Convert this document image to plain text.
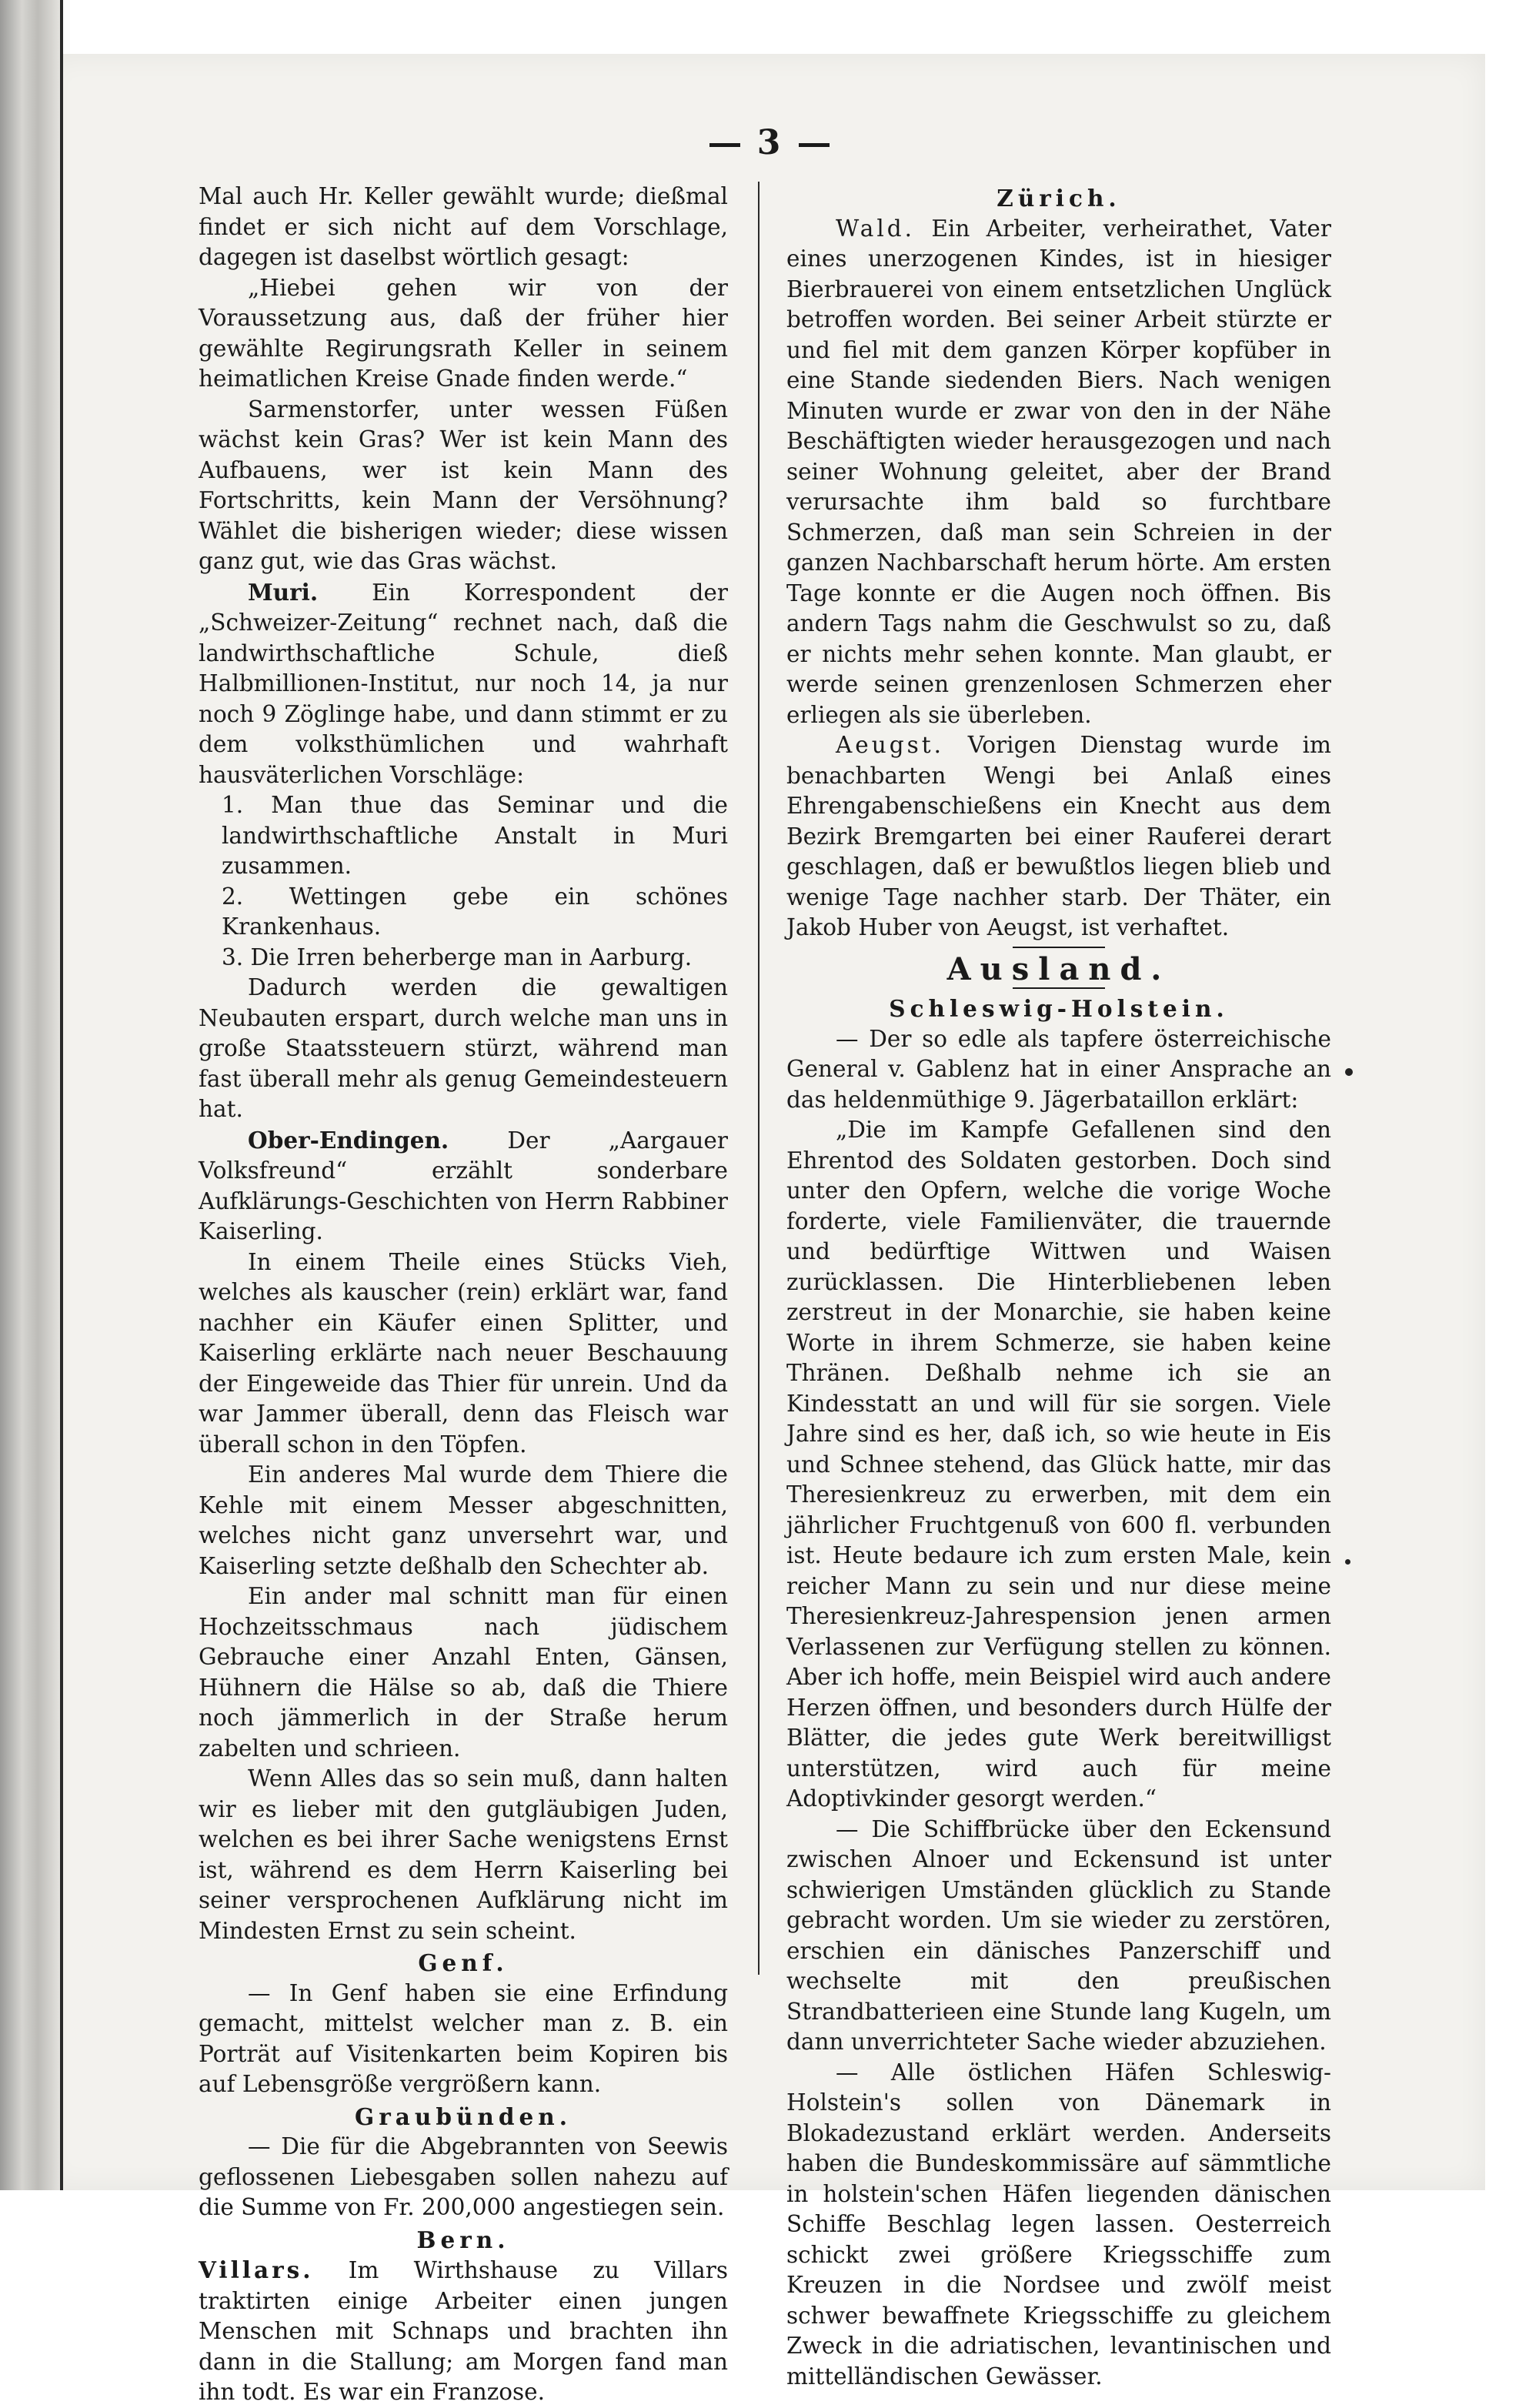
3

Mal auch Hr. Keller gewählt wurde; dießmal findet er sich nicht auf dem Vorschlage, dagegen ist daselbst wörtlich gesagt:

„Hiebei gehen wir von der Voraussetzung aus, daß der früher hier gewählte Regirungsrath Keller in seinem heimatlichen Kreise Gnade finden werde.“

Sarmenstorfer, unter wessen Füßen wächst kein Gras? Wer ist kein Mann des Aufbauens, wer ist kein Mann des Fortschritts, kein Mann der Versöhnung? Wählet die bisherigen wieder; diese wissen ganz gut, wie das Gras wächst.

Muri. Ein Korrespondent der „Schweizer-Zeitung“ rechnet nach, daß die landwirthschaftliche Schule, dieß Halbmillionen-Institut, nur noch 14, ja nur noch 9 Zöglinge habe, und dann stimmt er zu dem volksthümlichen und wahrhaft hausväterlichen Vorschläge:

1. Man thue das Seminar und die landwirthschaftliche Anstalt in Muri zusammen.

2. Wettingen gebe ein schönes Krankenhaus.

3. Die Irren beherberge man in Aarburg.

Dadurch werden die gewaltigen Neubauten erspart, durch welche man uns in große Staatssteuern stürzt, während man fast überall mehr als genug Gemeindesteuern hat.

Ober-Endingen.	Der „Aargauer Volksfreund“ erzählt sonderbare Aufklärungs-Geschichten von Herrn Rabbiner Kaiserling.

In einem Theile eines Stücks Vieh, welches als kauscher (rein) erklärt war, fand nachher ein Käufer einen Splitter, und Kaiserling erklärte nach neuer Beschauung der Eingeweide das Thier für unrein. Und da war Jammer überall, denn das Fleisch war überall schon in den Töpfen.

Ein anderes Mal wurde dem Thiere die Kehle mit einem Messer abgeschnitten, welches nicht ganz unversehrt war, und Kaiserling setzte deßhalb den Schechter ab.

Ein ander mal schnitt man für einen Hochzeitsschmaus nach jüdischem Gebrauche einer Anzahl Enten, Gänsen, Hühnern die Hälse so ab, daß die Thiere noch jämmerlich in der Straße herum zabelten und schrieen.

Wenn Alles das so sein muß, dann halten wir es lieber mit den gutgläubigen Juden, welchen es bei ihrer Sache wenigstens Ernst ist, während es dem Herrn Kaiserling bei seiner versprochenen Aufklärung nicht im Mindesten Ernst zu sein scheint.

Genf.

— In Genf haben sie eine Erfindung gemacht, mittelst welcher man z. B. ein Porträt auf Visitenkarten beim Kopiren bis auf Lebensgröße vergrößern kann.

Graubünden.

— Die für die Abgebrannten von Seewis geflossenen Liebesgaben sollen nahezu auf die Summe von Fr. 200,000 angestiegen sein.

Bern.

Villars. Im Wirthshause zu Villars traktirten einige Arbeiter einen jungen Menschen mit Schnaps und brachten ihn dann in die Stallung; am Morgen fand man ihn todt. Es war ein Franzose.

Zürich.

Wald. Ein Arbeiter, verheirathet, Vater eines unerzogenen Kindes, ist in hiesiger Bierbrauerei von einem entsetzlichen Unglück betroffen worden. Bei seiner Arbeit stürzte er und fiel mit dem ganzen Körper kopfüber in eine Stande siedenden Biers. Nach wenigen Minuten wurde er zwar von den in der Nähe Beschäftigten wieder herausgezogen und nach seiner Wohnung geleitet, aber der Brand verursachte ihm bald so furchtbare Schmerzen, daß man sein Schreien in der ganzen Nachbarschaft herum hörte. Am ersten Tage konnte er die Augen noch öffnen. Bis andern Tags nahm die Geschwulst so zu, daß er nichts mehr sehen konnte. Man glaubt, er werde seinen grenzenlosen Schmerzen eher erliegen als sie überleben.

Aeugst. Vorigen Dienstag wurde im benachbarten Wengi bei Anlaß eines Ehrengabenschießens ein Knecht aus dem Bezirk Bremgarten bei einer Rauferei derart geschlagen, daß er bewußtlos liegen blieb und wenige Tage nachher starb. Der Thäter, ein Jakob Huber von Aeugst, ist verhaftet.

Ausland.
Schleswig-Holstein.

— Der so edle als tapfere österreichische General v. Gablenz hat in einer Ansprache an das heldenmüthige 9. Jägerbataillon erklärt:

„Die im Kampfe Gefallenen sind den Ehrentod des Soldaten gestorben. Doch sind unter den Opfern, welche die vorige Woche forderte, viele Familienväter, die trauernde und bedürftige Wittwen und Waisen zurücklassen. Die Hinterbliebenen leben zerstreut in der Monarchie, sie haben keine Worte in ihrem Schmerze, sie haben keine Thränen. Deßhalb nehme ich sie an Kindesstatt an und will für sie sorgen. Viele Jahre sind es her, daß ich, so wie heute in Eis und Schnee stehend, das Glück hatte, mir das Theresienkreuz zu erwerben, mit dem ein jährlicher Fruchtgenuß von 600 fl. verbunden ist. Heute bedaure ich zum ersten Male, kein reicher Mann zu sein und nur diese meine Theresienkreuz-Jahrespension jenen armen Verlassenen zur Verfügung stellen zu können. Aber ich hoffe, mein Beispiel wird auch andere Herzen öffnen, und besonders durch Hülfe der Blätter, die jedes gute Werk bereitwilligst unterstützen, wird auch für meine Adoptivkinder gesorgt werden.“

— Die Schiffbrücke über den Eckensund zwischen Alnoer und Eckensund ist unter schwierigen Umständen glücklich zu Stande gebracht worden. Um sie wieder zu zerstören, erschien ein dänisches Panzerschiff und wechselte mit den preußischen Strandbatterieen eine Stunde lang Kugeln, um dann unverrichteter Sache wieder abzuziehen.

— Alle östlichen Häfen Schleswig-Holstein's sollen von Dänemark in Blokadezustand erklärt werden. Anderseits haben die Bundeskommissäre auf sämmtliche in holstein'schen Häfen liegenden dänischen Schiffe Beschlag legen lassen. Oesterreich schickt zwei größere Kriegsschiffe zum Kreuzen in die Nordsee und zwölf meist schwer bewaffnete Kriegsschiffe zu gleichem Zweck in die adriatischen, levantinischen und mittelländischen Gewässer.
